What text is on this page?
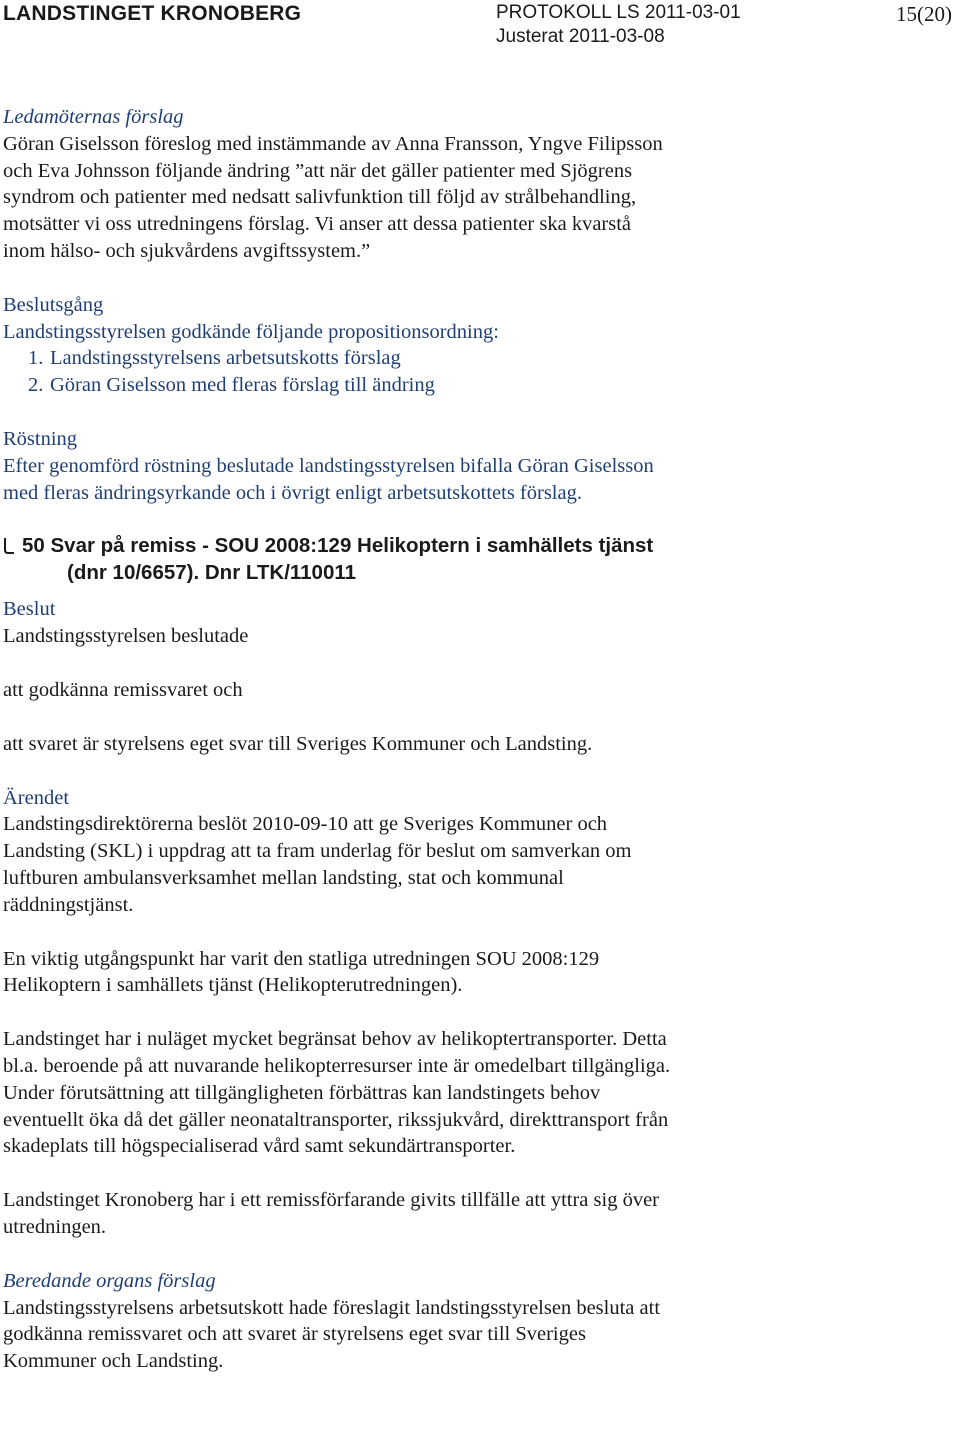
LANDSTINGET KRONOBERG	PROTOKOLL LS 2011-03-01
Justerat 2011-03-08
15(20)

Ledamöternas förslag

Göran Giselsson föreslog med instämmande av Anna Fransson, Yngve Filipsson

och Eva Johnsson följande ändring ”att när det gäller patienter med Sjögrens

syndrom och patienter med nedsatt salivfunktion till följd av strålbehandling,

motsätter vi oss utredningens förslag. Vi anser att dessa patienter ska kvarstå

inom hälso- och sjukvårdens avgiftssystem.”

Beslutsgång

Landstingsstyrelsen godkände följande propositionsordning:

1. Landstingsstyrelsens arbetsutskotts förslag
2. Göran Giselsson med fleras förslag till ändring

Röstning

Efter genomförd röstning beslutade landstingsstyrelsen bifalla Göran Giselsson

med fleras ändringsyrkande och i övrigt enligt arbetsutskottets förslag.

50 Svar på remiss - SOU 2008:129 Helikoptern i samhällets tjänst
(dnr 10/6657). Dnr LTK/110011

Beslut

Landstingsstyrelsen beslutade

att godkänna remissvaret och

att svaret är styrelsens eget svar till Sveriges Kommuner och Landsting.

Ärendet

Landstingsdirektörerna beslöt 2010-09-10 att ge Sveriges Kommuner och

Landsting (SKL) i uppdrag att ta fram underlag för beslut om samverkan om

luftburen ambulansverksamhet mellan landsting, stat och kommunal

räddningstjänst.

En viktig utgångspunkt har varit den statliga utredningen SOU 2008:129

Helikoptern i samhällets tjänst (Helikopterutredningen).

Landstinget har i nuläget mycket begränsat behov av helikoptertransporter. Detta

bl.a. beroende på att nuvarande helikopterresurser inte är omedelbart tillgängliga.

Under förutsättning att tillgängligheten förbättras kan landstingets behov

eventuellt öka då det gäller neonataltransporter, rikssjukvård, direkttransport från

skadeplats till högspecialiserad vård samt sekundärtransporter.

Landstinget Kronoberg har i ett remissförfarande givits tillfälle att yttra sig över

utredningen.

Beredande organs förslag

Landstingsstyrelsens arbetsutskott hade föreslagit landstingsstyrelsen besluta att

godkänna remissvaret och att svaret är styrelsens eget svar till Sveriges

Kommuner och Landsting.
